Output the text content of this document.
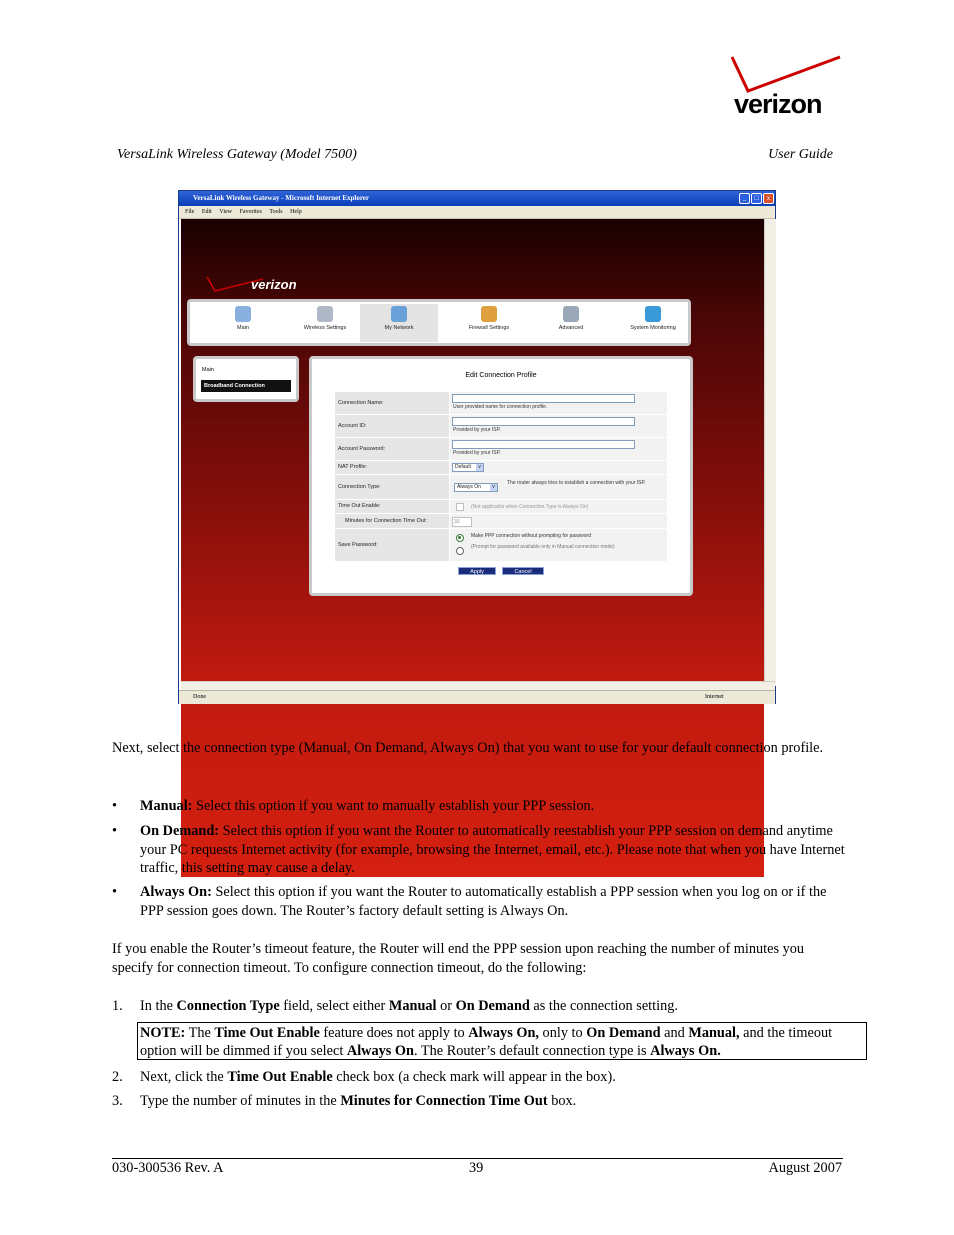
verizon
VersaLink Wireless Gateway (Model 7500)	User Guide
VersaLink Wireless Gateway - Microsoft Internet Explorer	_	□	x
File Edit View Favorites Tools Help
verizon
Main	Wireless Settings	My Network	Firewall Settings	Advanced	System Monitoring
Main
Broadband Connection
Edit Connection Profile
Connection Name:
User provided name for connection profile.
Account ID:
Provided by your ISP.
Account Password:
Provided by your ISP.
NAT Profile:	Default v
Connection Type:	Always On v
The router always tries to establish a connection with your ISP.
Time Out Enable:	(Not applicable when Connection Type is Always On)
Minutes for Connection Time Out:	30
Save Password:
Make PPP connection without prompting for password
(Prompt for password available only in Manual connection mode)
Apply	Cancel
Done	Internet
Next, select the connection type (Manual, On Demand, Always On) that you want to use for your default connection profile.
• Manual: Select this option if you want to manually establish your PPP session.
• On Demand: Select this option if you want the Router to automatically reestablish your PPP session on demand anytime your PC requests Internet activity (for example, browsing the Internet, email, etc.). Please note that when you have Internet traffic, this setting may cause a delay.
• Always On: Select this option if you want the Router to automatically establish a PPP session when you log on or if the PPP session goes down. The Router’s factory default setting is Always On.
If you enable the Router’s timeout feature, the Router will end the PPP session upon reaching the number of minutes you specify for connection timeout. To configure connection timeout, do the following:
1. In the Connection Type field, select either Manual or On Demand as the connection setting.
NOTE: The Time Out Enable feature does not apply to Always On, only to On Demand and Manual, and the timeout option will be dimmed if you select Always On. The Router’s default connection type is Always On.
2. Next, click the Time Out Enable check box (a check mark will appear in the box).
3. Type the number of minutes in the Minutes for Connection Time Out box.
030-300536 Rev. A	39	August 2007
